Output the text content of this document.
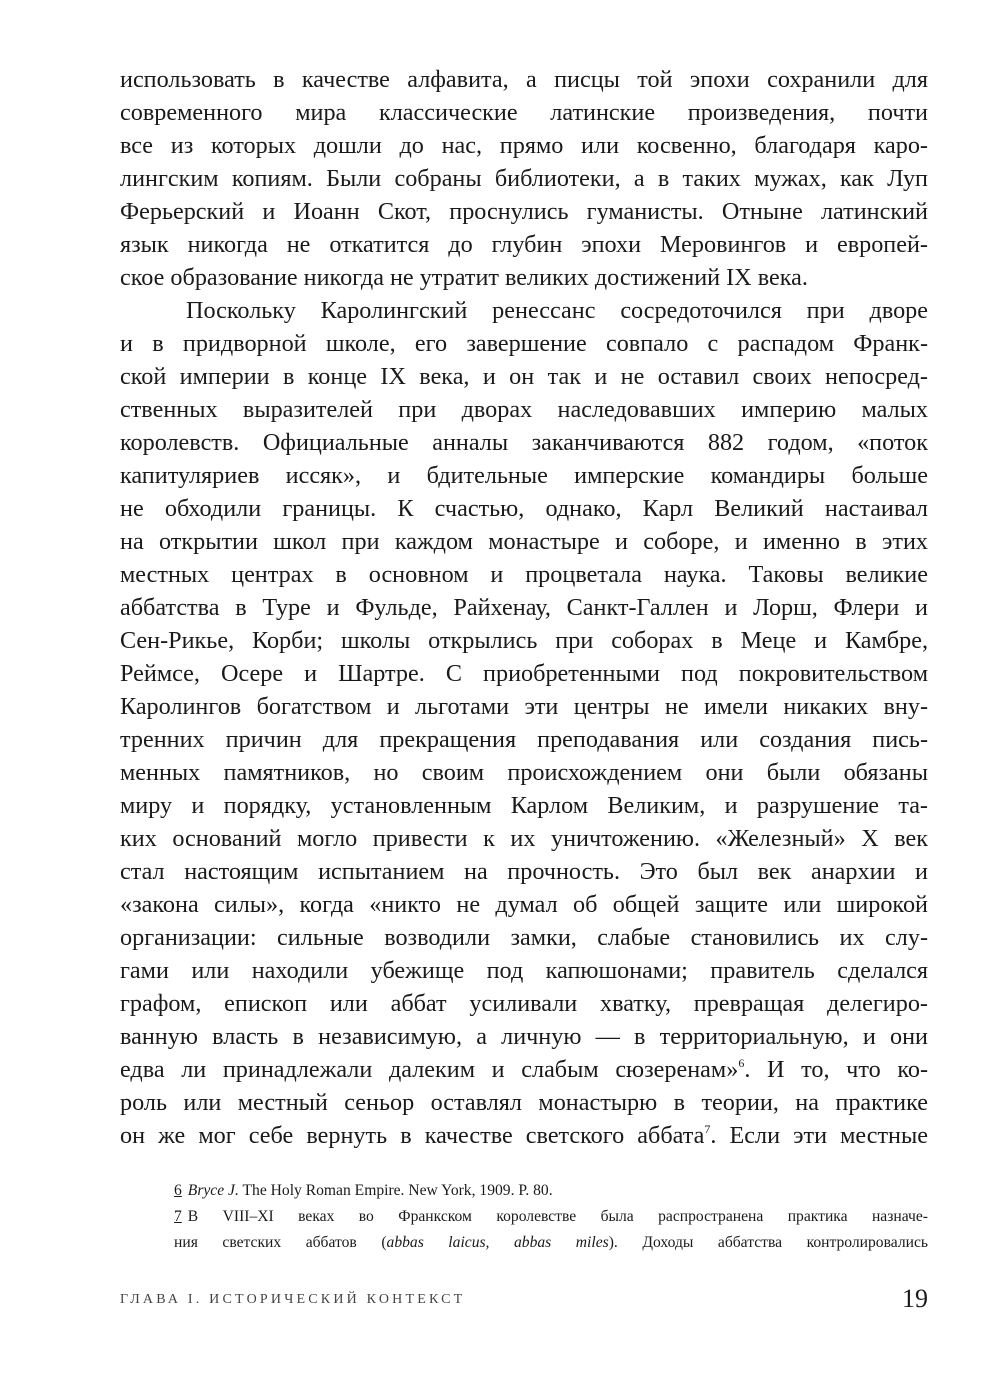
использовать в качестве алфавита, а писцы той эпохи сохранили для
современного мира классические латинские произведения, почти
все из которых дошли до нас, прямо или косвенно, благодаря каро-
лингским копиям. Были собраны библиотеки, а в таких мужах, как Луп
Ферьерский и Иоанн Скот, проснулись гуманисты. Отныне латинский
язык никогда не откатится до глубин эпохи Меровингов и европей-
ское образование никогда не утратит великих достижений IX века.
Поскольку Каролингский ренессанс сосредоточился при дворе
и в придворной школе, его завершение совпало с распадом Франк-
ской империи в конце IX века, и он так и не оставил своих непосред-
ственных выразителей при дворах наследовавших империю малых
королевств. Официальные анналы заканчиваются 882 годом, «поток
капитуляриев иссяк», и бдительные имперские командиры больше
не обходили границы. К счастью, однако, Карл Великий настаивал
на открытии школ при каждом монастыре и соборе, и именно в этих
местных центрах в основном и процветала наука. Таковы великие
аббатства в Туре и Фульде, Райхенау, Санкт-Галлен и Лорш, Флери и
Сен-Рикье, Корби; школы открылись при соборах в Меце и Камбре,
Реймсе, Осере и Шартре. С приобретенными под покровительством
Каролингов богатством и льготами эти центры не имели никаких вну-
тренних причин для прекращения преподавания или создания пись-
менных памятников, но своим происхождением они были обязаны
миру и порядку, установленным Карлом Великим, и разрушение та-
ких оснований могло привести к их уничтожению. «Железный» X век
стал настоящим испытанием на прочность. Это был век анархии и
«закона силы», когда «никто не думал об общей защите или широкой
организации: сильные возводили замки, слабые становились их слу-
гами или находили убежище под капюшонами; правитель сделался
графом, епископ или аббат усиливали хватку, превращая делегиро-
ванную власть в независимую, а личную — в территориальную, и они
едва ли принадлежали далеким и слабым сюзеренам»$^6$. И то, что ко-
роль или местный сеньор оставлял монастырю в теории, на практике
он же мог себе вернуть в качестве светского аббата$^7$. Если эти местные
6 Bryce J. The Holy Roman Empire. New York, 1909. P. 80.
7 В VIII–XI веках во Франкском королевстве была распространена практика назначе-
ния светских аббатов (abbas laicus, abbas miles). Доходы аббатства контролировались
ГЛАВА I. ИСТОРИЧЕСКИЙ КОНТЕКСТ	19
